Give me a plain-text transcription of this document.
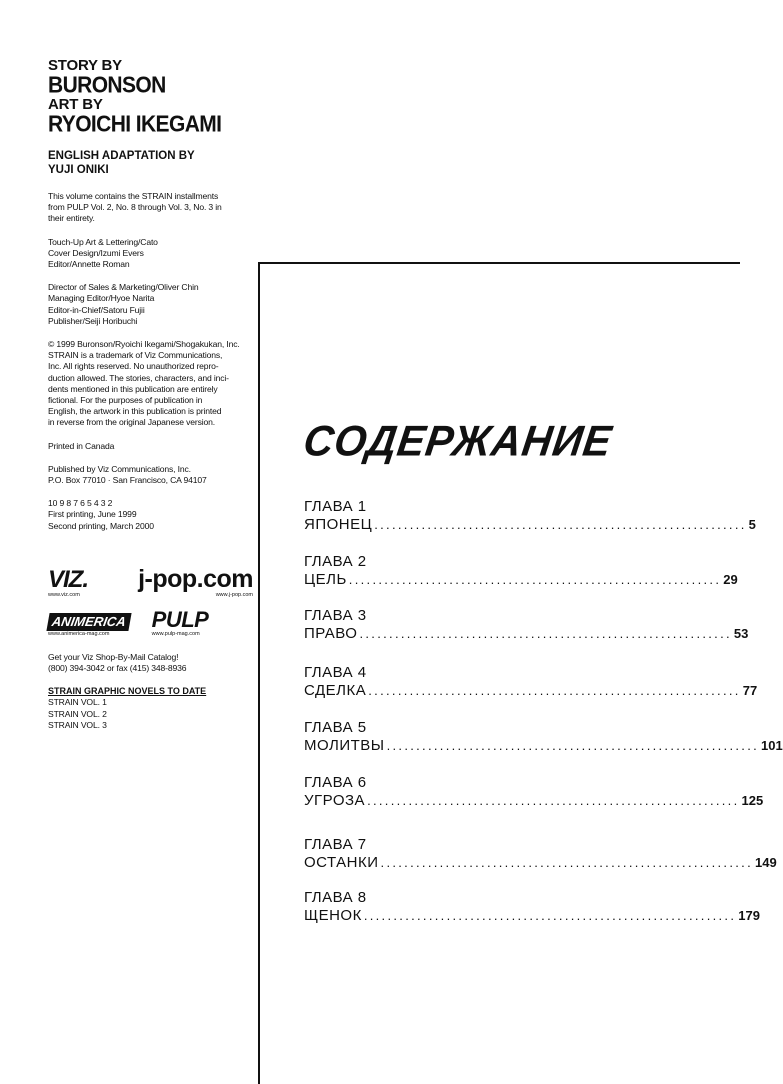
STORY BY
BURONSON
ART BY
RYOICHI IKEGAMI
ENGLISH ADAPTATION BY
YUJI ONIKI
This volume contains the STRAIN installments
from PULP Vol. 2, No. 8 through Vol. 3, No. 3 in
their entirety.
Touch-Up Art & Lettering/Cato
Cover Design/Izumi Evers
Editor/Annette Roman
Director of Sales & Marketing/Oliver Chin
Managing Editor/Hyoe Narita
Editor-in-Chief/Satoru Fujii
Publisher/Seiji Horibuchi
© 1999 Buronson/Ryoichi Ikegami/Shogakukan, Inc.
STRAIN is a trademark of Viz Communications,
Inc. All rights reserved. No unauthorized repro-
duction allowed. The stories, characters, and inci-
dents mentioned in this publication are entirely
fictional. For the purposes of publication in
English, the artwork in this publication is printed
in reverse from the original Japanese version.
Printed in Canada
Published by Viz Communications, Inc.
P.O. Box 77010 · San Francisco, CA 94107
10 9 8 7 6 5 4 3 2
First printing, June 1999
Second printing, March 2000
VIZ.
www.viz.com
j-pop.com
www.j-pop.com
ANIMERICA
www.animerica-mag.com
PULP
www.pulp-mag.com
Get your Viz Shop-By-Mail Catalog!
(800) 394-3042 or fax (415) 348-8936
STRAIN GRAPHIC NOVELS TO DATE
STRAIN VOL. 1
STRAIN VOL. 2
STRAIN VOL. 3
СОДЕРЖАНИЕ
ГЛАВА 1
ЯПОНЕЦ ............................................................... 5
ГЛАВА 2
ЦЕЛЬ ............................................................... 29
ГЛАВА 3
ПРАВО ............................................................... 53
ГЛАВА 4
СДЕЛКА ............................................................... 77
ГЛАВА 5
МОЛИТВЫ ............................................................... 101
ГЛАВА 6
УГРОЗА ............................................................... 125
ГЛАВА 7
ОСТАНКИ ............................................................... 149
ГЛАВА 8
ЩЕНОК ............................................................... 179
